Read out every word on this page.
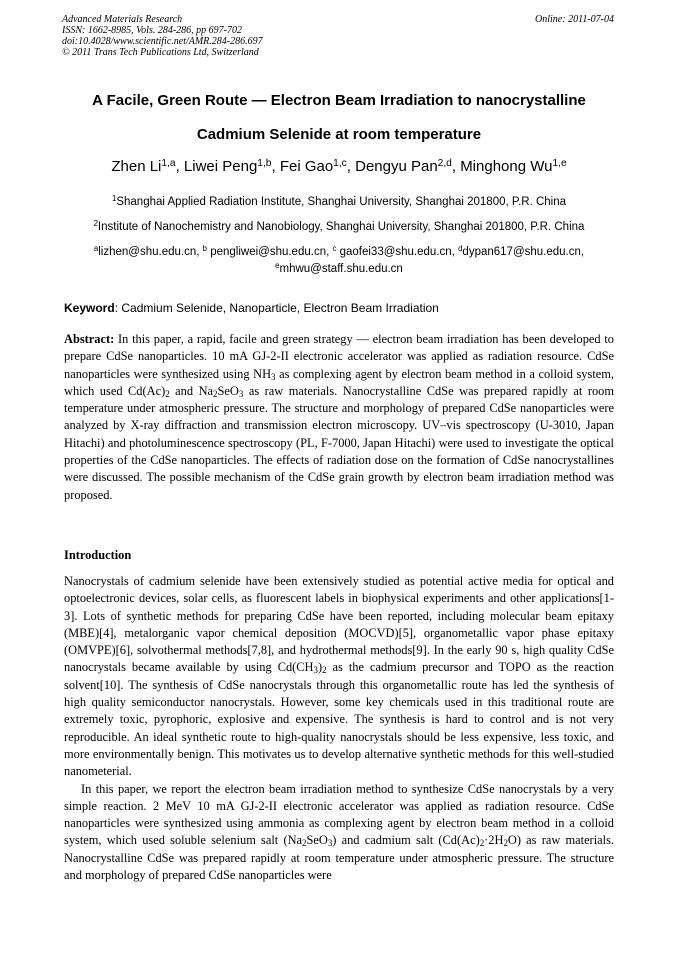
Advanced Materials Research
ISSN: 1662-8985, Vols. 284-286, pp 697-702
doi:10.4028/www.scientific.net/AMR.284-286.697
© 2011 Trans Tech Publications Ltd, Switzerland
Online: 2011-07-04
A Facile, Green Route — Electron Beam Irradiation to nanocrystalline
Cadmium Selenide at room temperature
Zhen Li$^{1,a}$, Liwei Peng$^{1,b}$, Fei Gao$^{1,c}$, Dengyu Pan$^{2,d}$, Minghong Wu$^{1,e}$
$^1$Shanghai Applied Radiation Institute, Shanghai University, Shanghai 201800, P.R. China
$^2$Institute of Nanochemistry and Nanobiology, Shanghai University, Shanghai 201800, P.R. China
$^a$lizhen@shu.edu.cn, $^b$ pengliwei@shu.edu.cn, $^c$ gaofei33@shu.edu.cn, $^d$dypan617@shu.edu.cn,
$^e$mhwu@staff.shu.edu.cn
Keyword: Cadmium Selenide, Nanoparticle, Electron Beam Irradiation
Abstract: In this paper, a rapid, facile and green strategy — electron beam irradiation has been developed to prepare CdSe nanoparticles. 10 mA GJ-2-II electronic accelerator was applied as radiation resource. CdSe nanoparticles were synthesized using $NH_3$ as complexing agent by electron beam method in a colloid system, which used $Cd(Ac)_2$ and $Na_2SeO_3$ as raw materials. Nanocrystalline CdSe was prepared rapidly at room temperature under atmospheric pressure. The structure and morphology of prepared CdSe nanoparticles were analyzed by X-ray diffraction and transmission electron microscopy. UV–vis spectroscopy (U-3010, Japan Hitachi) and photoluminescence spectroscopy (PL, F-7000, Japan Hitachi) were used to investigate the optical properties of the CdSe nanoparticles. The effects of radiation dose on the formation of CdSe nanocrystallines were discussed. The possible mechanism of the CdSe grain growth by electron beam irradiation method was proposed.
Introduction

Nanocrystals of cadmium selenide have been extensively studied as potential active media for optical and optoelectronic devices, solar cells, as fluorescent labels in biophysical experiments and other applications[1-3]. Lots of synthetic methods for preparing CdSe have been reported, including molecular beam epitaxy (MBE)[4], metalorganic vapor chemical deposition (MOCVD)[5], organometallic vapor phase epitaxy (OMVPE)[6], solvothermal methods[7,8], and hydrothermal methods[9]. In the early 90 s, high quality CdSe nanocrystals became available by using $Cd(CH_3)_2$ as the cadmium precursor and TOPO as the reaction solvent[10]. The synthesis of CdSe nanocrystals through this organometallic route has led the synthesis of high quality semiconductor nanocrystals. However, some key chemicals used in this traditional route are extremely toxic, pyrophoric, explosive and expensive. The synthesis is hard to control and is not very reproducible. An ideal synthetic route to high-quality nanocrystals should be less expensive, less toxic, and more environmentally benign. This motivates us to develop alternative synthetic methods for this well-studied nanometerial.

In this paper, we report the electron beam irradiation method to synthesize CdSe nanocrystals by a very simple reaction. 2 MeV 10 mA GJ-2-II electronic accelerator was applied as radiation resource. CdSe nanoparticles were synthesized using ammonia as complexing agent by electron beam method in a colloid system, which used soluble selenium salt $(Na_2SeO_3)$ and cadmium salt $(Cd(Ac)_2\cdot 2H_2O)$ as raw materials. Nanocrystalline CdSe was prepared rapidly at room temperature under atmospheric pressure. The structure and morphology of prepared CdSe nanoparticles were
